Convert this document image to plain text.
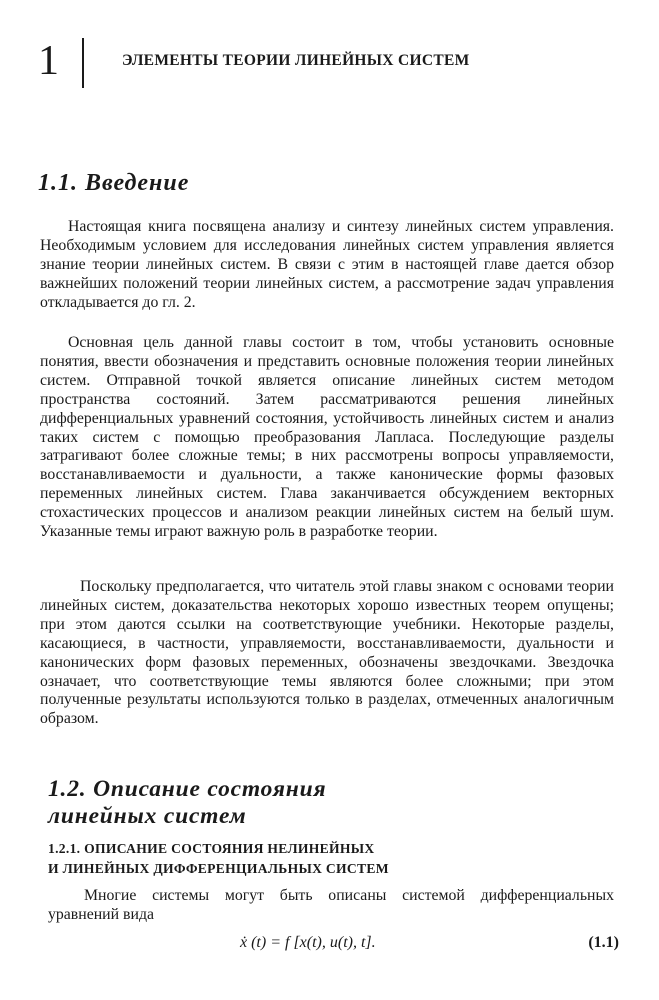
1	ЭЛЕМЕНТЫ ТЕОРИИ ЛИНЕЙНЫХ СИСТЕМ
1.1. Введение

Настоящая книга посвящена анализу и синтезу линейных систем управления. Необходимым условием для исследования линейных систем управления является знание теории линейных систем. В связи с этим в настоящей главе дается обзор важнейших положений теории линейных систем, а рассмотрение задач управления откладывается до гл. 2.

Основная цель данной главы состоит в том, чтобы установить основные понятия, ввести обозначения и представить основные положения теории линейных систем. Отправной точкой является описание линейных систем методом пространства состояний. Затем рассматриваются решения линейных дифференциальных уравнений состояния, устойчивость линейных систем и анализ таких систем с помощью преобразования Лапласа. Последующие разделы затрагивают более сложные темы; в них рассмотрены вопросы управляемости, восстанавливаемости и дуальности, а также канонические формы фазовых переменных линейных систем. Глава заканчивается обсуждением векторных стохастических процессов и анализом реакции линейных систем на белый шум. Указанные темы играют важную роль в разработке теории.

Поскольку предполагается, что читатель этой главы знаком с основами теории линейных систем, доказательства некоторых хорошо известных теорем опущены; при этом даются ссылки на соответствующие учебники. Некоторые разделы, касающиеся, в частности, управляемости, восстанавливаемости, дуальности и канонических форм фазовых переменных, обозначены звездочками. Звездочка означает, что соответствующие темы являются более сложными; при этом полученные результаты используются только в разделах, отмеченных аналогичным образом.

1.2. Описание состояния
линейных систем
1.2.1. ОПИСАНИЕ СОСТОЯНИЯ НЕЛИНЕЙНЫХ
И ЛИНЕЙНЫХ ДИФФЕРЕНЦИАЛЬНЫХ СИСТЕМ

Многие системы могут быть описаны системой дифференциальных уравнений вида

ẋ (t) = f [x(t), u(t), t].	(1.1)
